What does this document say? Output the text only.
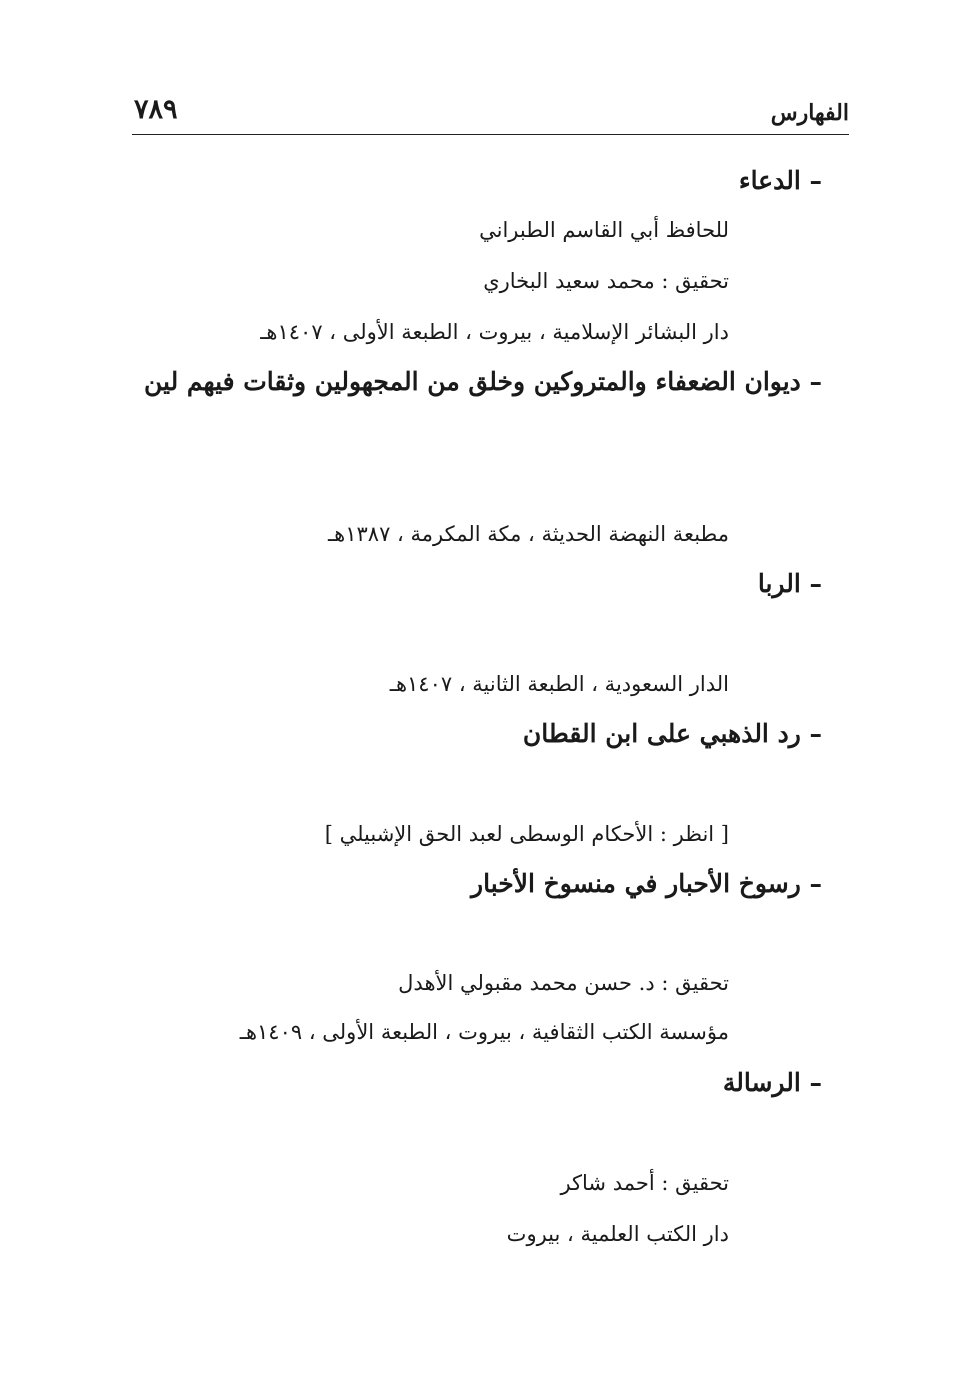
الفهارس
٧٨٩
– الدعاء
للحافظ أبي القاسم الطبراني
تحقيق : محمد سعيد البخاري
دار البشائر الإسلامية ، بيروت ، الطبعة الأولى ، ١٤٠٧هـ
– ديوان الضعفاء والمتروكين وخلق من المجهولين وثقات فيهم لين
مطبعة النهضة الحديثة ، مكة المكرمة ، ١٣٨٧هـ
– الربا
الدار السعودية ، الطبعة الثانية ، ١٤٠٧هـ
– رد الذهبي على ابن القطان
[ انظر : الأحكام الوسطى لعبد الحق الإشبيلي ]
– رسوخ الأحبار في منسوخ الأخبار
تحقيق : د. حسن محمد مقبولي الأهدل
مؤسسة الكتب الثقافية ، بيروت ، الطبعة الأولى ، ١٤٠٩هـ
– الرسالة
تحقيق : أحمد شاكر
دار الكتب العلمية ، بيروت
